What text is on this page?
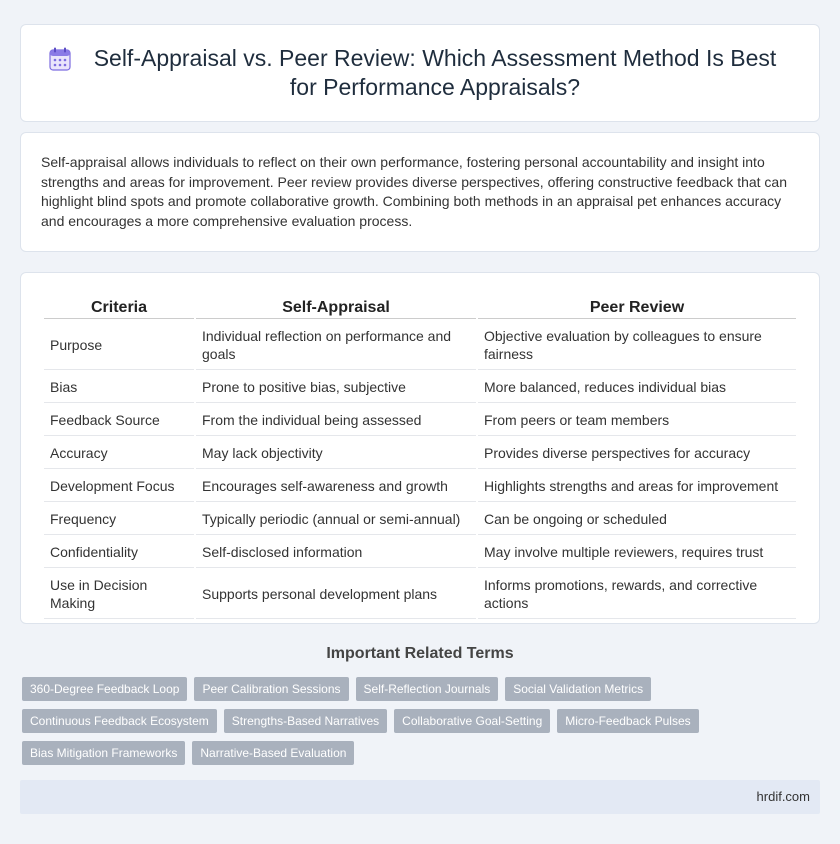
Self-Appraisal vs. Peer Review: Which Assessment Method Is Best for Performance Appraisals?

Self-appraisal allows individuals to reflect on their own performance, fostering personal accountability and insight into strengths and areas for improvement. Peer review provides diverse perspectives, offering constructive feedback that can highlight blind spots and promote collaborative growth. Combining both methods in an appraisal pet enhances accuracy and encourages a more comprehensive evaluation process.

Criteria	Self-Appraisal	Peer Review
Purpose	Individual reflection on performance and goals	Objective evaluation by colleagues to ensure fairness
Bias	Prone to positive bias, subjective	More balanced, reduces individual bias
Feedback Source	From the individual being assessed	From peers or team members
Accuracy	May lack objectivity	Provides diverse perspectives for accuracy
Development Focus	Encourages self-awareness and growth	Highlights strengths and areas for improvement
Frequency	Typically periodic (annual or semi-annual)	Can be ongoing or scheduled
Confidentiality	Self-disclosed information	May involve multiple reviewers, requires trust
Use in Decision Making	Supports personal development plans	Informs promotions, rewards, and corrective actions
Important Related Terms
360-Degree Feedback Loop	Peer Calibration Sessions	Self-Reflection Journals	Social Validation Metrics
Continuous Feedback Ecosystem	Strengths-Based Narratives	Collaborative Goal-Setting	Micro-Feedback Pulses
Bias Mitigation Frameworks	Narrative-Based Evaluation
hrdif.com
